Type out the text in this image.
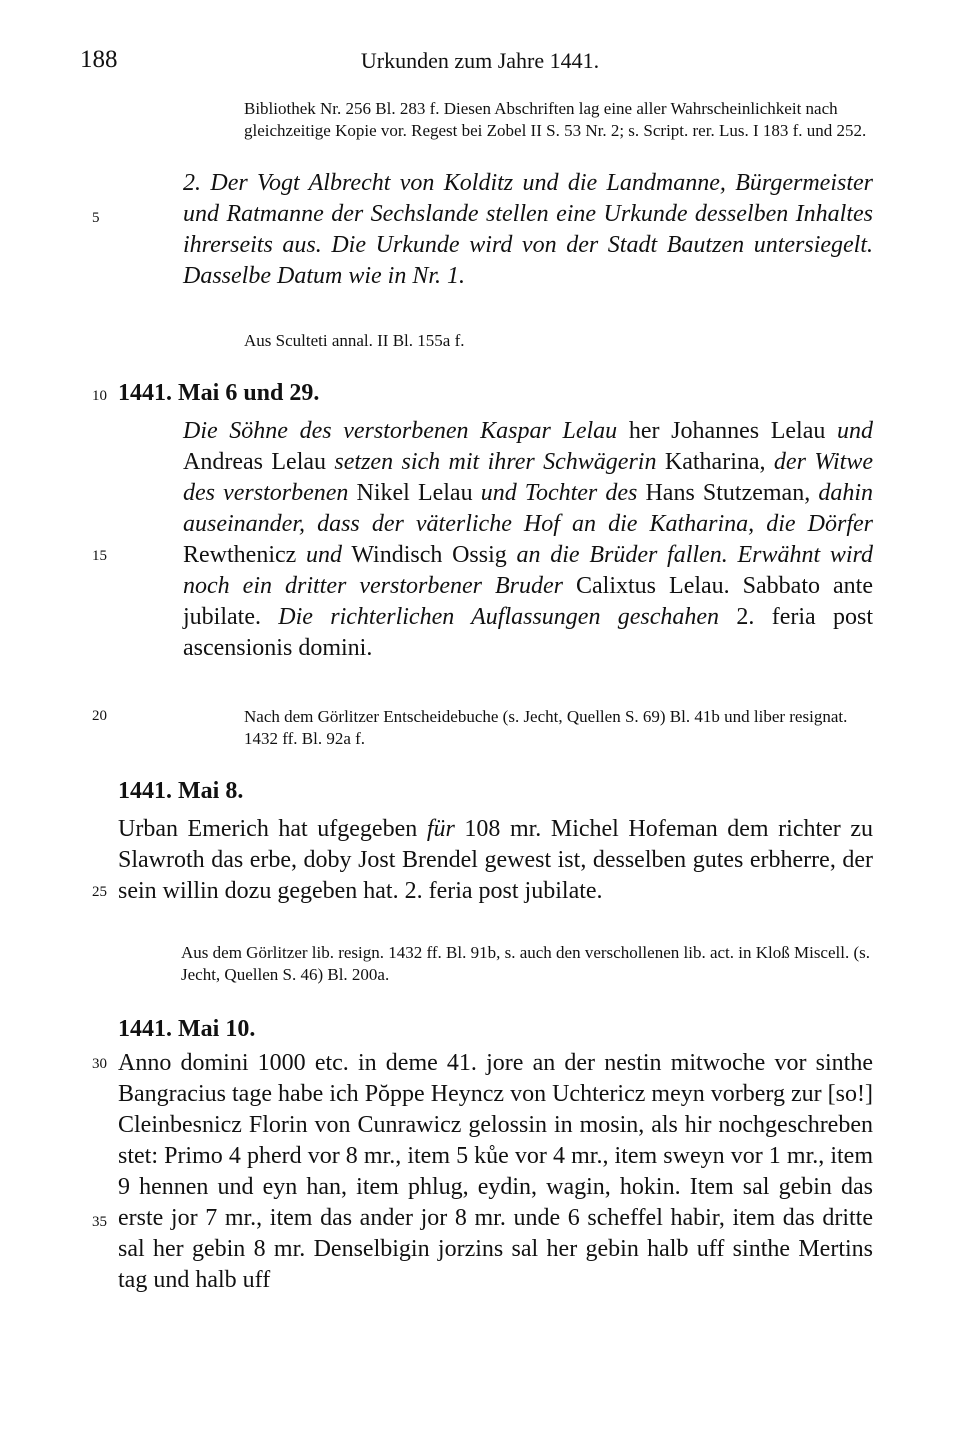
188	Urkunden zum Jahre 1441.
5
10
15
20
25
30
35
Bibliothek Nr. 256 Bl. 283 f. Diesen Abschriften lag eine aller Wahrscheinlichkeit nach gleichzeitige Kopie vor. Regest bei Zobel II S. 53 Nr. 2; s. Script. rer. Lus. I 183 f. und 252.
2. Der Vogt Albrecht von Kolditz und die Landmanne, Bürgermeister und Ratmanne der Sechslande stellen eine Urkunde desselben Inhaltes ihrerseits aus. Die Urkunde wird von der Stadt Bautzen untersiegelt. Dasselbe Datum wie in Nr. 1.
Aus Sculteti annal. II Bl. 155a f.
1441. Mai 6 und 29.
Die Söhne des verstorbenen Kaspar Lelau her Johannes Lelau und Andreas Lelau setzen sich mit ihrer Schwägerin Katharina, der Witwe des verstorbenen Nikel Lelau und Tochter des Hans Stutzeman, dahin auseinander, dass der väterliche Hof an die Katharina, die Dörfer Rewthenicz und Windisch Ossig an die Brüder fallen. Erwähnt wird noch ein dritter verstorbener Bruder Calixtus Lelau. Sabbato ante jubilate. Die richterlichen Auflassungen geschahen 2. feria post ascensionis domini.
Nach dem Görlitzer Entscheidebuche (s. Jecht, Quellen S. 69) Bl. 41b und liber resignat. 1432 ff. Bl. 92a f.
1441. Mai 8.
Urban Emerich hat ufgegeben für 108 mr. Michel Hofeman dem richter zu Slawroth das erbe, doby Jost Brendel gewest ist, desselben gutes erbherre, der sein willin dozu gegeben hat. 2. feria post jubilate.
Aus dem Görlitzer lib. resign. 1432 ff. Bl. 91b, s. auch den verschollenen lib. act. in Kloß Miscell. (s. Jecht, Quellen S. 46) Bl. 200a.
1441. Mai 10.
Anno domini 1000 etc. in deme 41. jore an der nestin mitwoche vor sinthe Bangracius tage habe ich Pŏppe Heyncz von Uchtericz meyn vorberg zur [so!] Cleinbesnicz Florin von Cunrawicz gelossin in mosin, als hir nochgeschreben stet: Primo 4 pherd vor 8 mr., item 5 kůe vor 4 mr., item sweyn vor 1 mr., item 9 hennen und eyn han, item phlug, eydin, wagin, hokin. Item sal gebin das erste jor 7 mr., item das ander jor 8 mr. unde 6 scheffel habir, item das dritte sal her gebin 8 mr. Denselbigin jorzins sal her gebin halb uff sinthe Mertins tag und halb uff
